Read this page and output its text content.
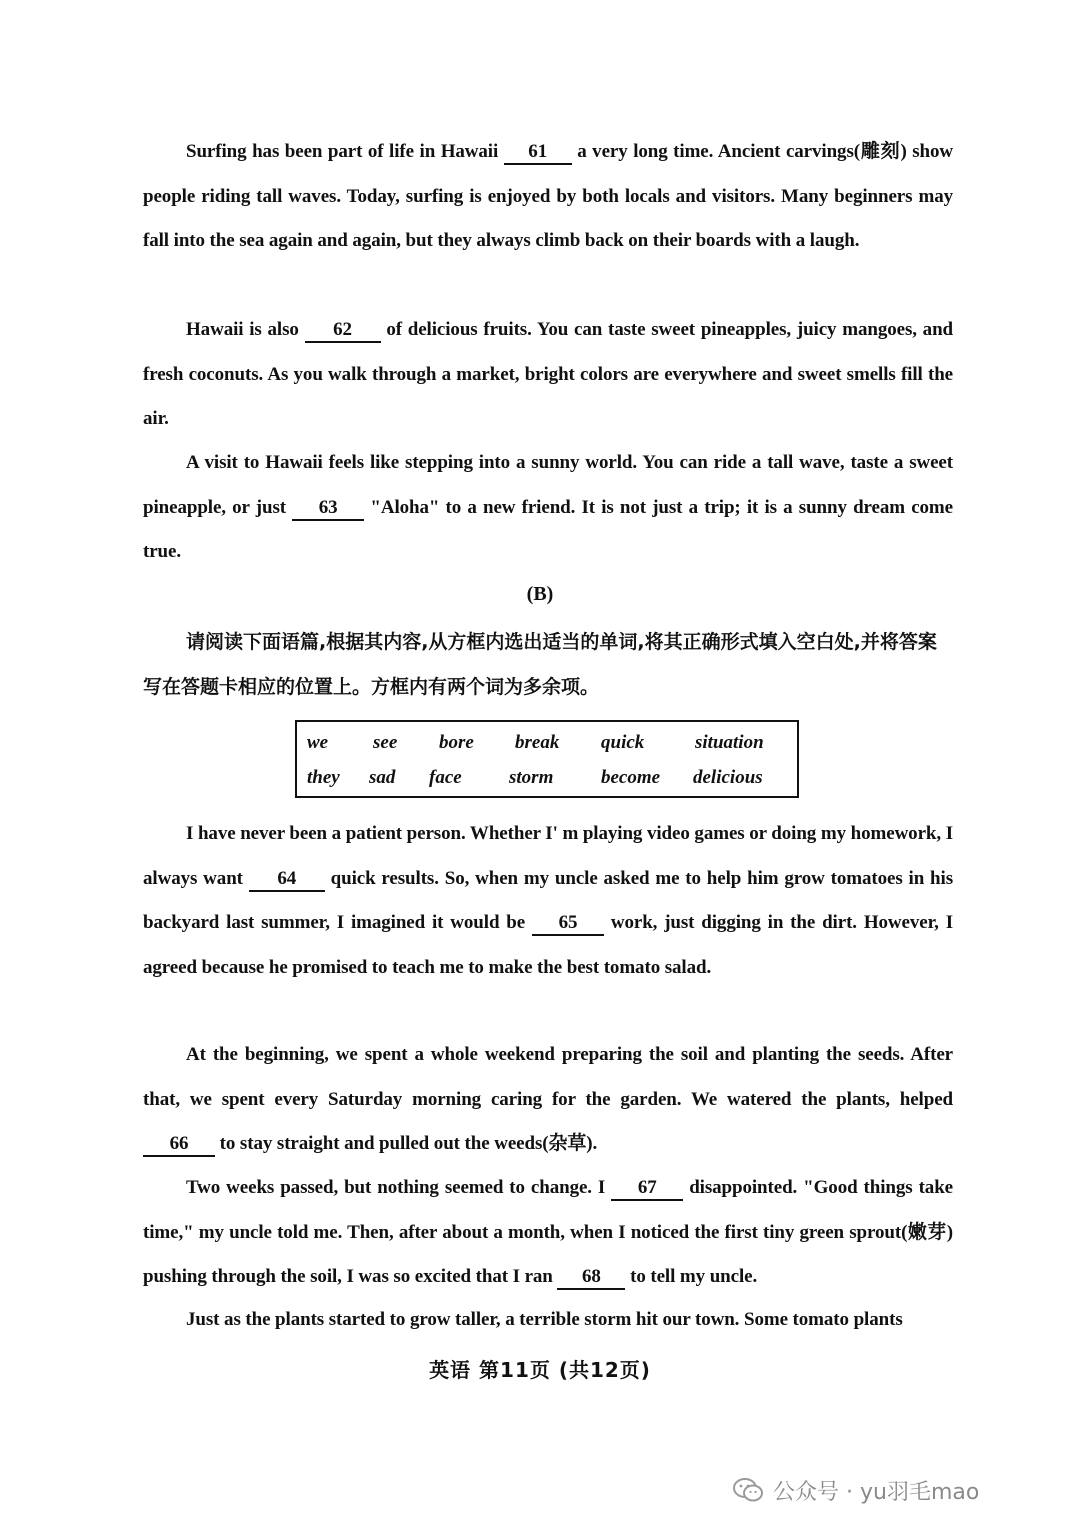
Surfing has been part of life in Hawaii 61 a very long time. Ancient carvings(雕刻) show people riding tall waves. Today, surfing is enjoyed by both locals and visitors. Many beginners may fall into the sea again and again, but they always climb back on their boards with a laugh.

Hawaii is also 62 of delicious fruits. You can taste sweet pineapples, juicy mangoes, and fresh coconuts. As you walk through a market, bright colors are everywhere and sweet smells fill the air.

A visit to Hawaii feels like stepping into a sunny world. You can ride a tall wave, taste a sweet pineapple, or just 63 "Aloha" to a new friend. It is not just a trip; it is a sunny dream come true.

(B)

请阅读下面语篇,根据其内容,从方框内选出适当的单词,将其正确形式填入空白处,并将答案写在答题卡相应的位置上。方框内有两个词为多余项。

we see bore break quick	situation
they sad face storm	become delicious

I have never been a patient person. Whether I' m playing video games or doing my homework, I always want 64 quick results. So, when my uncle asked me to help him grow tomatoes in his backyard last summer, I imagined it would be 65 work, just digging in the dirt. However, I agreed because he promised to teach me to make the best tomato salad.

At the beginning, we spent a whole weekend preparing the soil and planting the seeds. After that, we spent every Saturday morning caring for the garden. We watered the plants, helped 66 to stay straight and pulled out the weeds(杂草).

Two weeks passed, but nothing seemed to change. I 67 disappointed. "Good things take time," my uncle told me. Then, after about a month, when I noticed the first tiny green sprout(嫩芽) pushing through the soil, I was so excited that I ran 68 to tell my uncle.

Just as the plants started to grow taller, a terrible storm hit our town. Some tomato plants

英语 第11页 (共12页)
公众号 · yu羽毛mao
